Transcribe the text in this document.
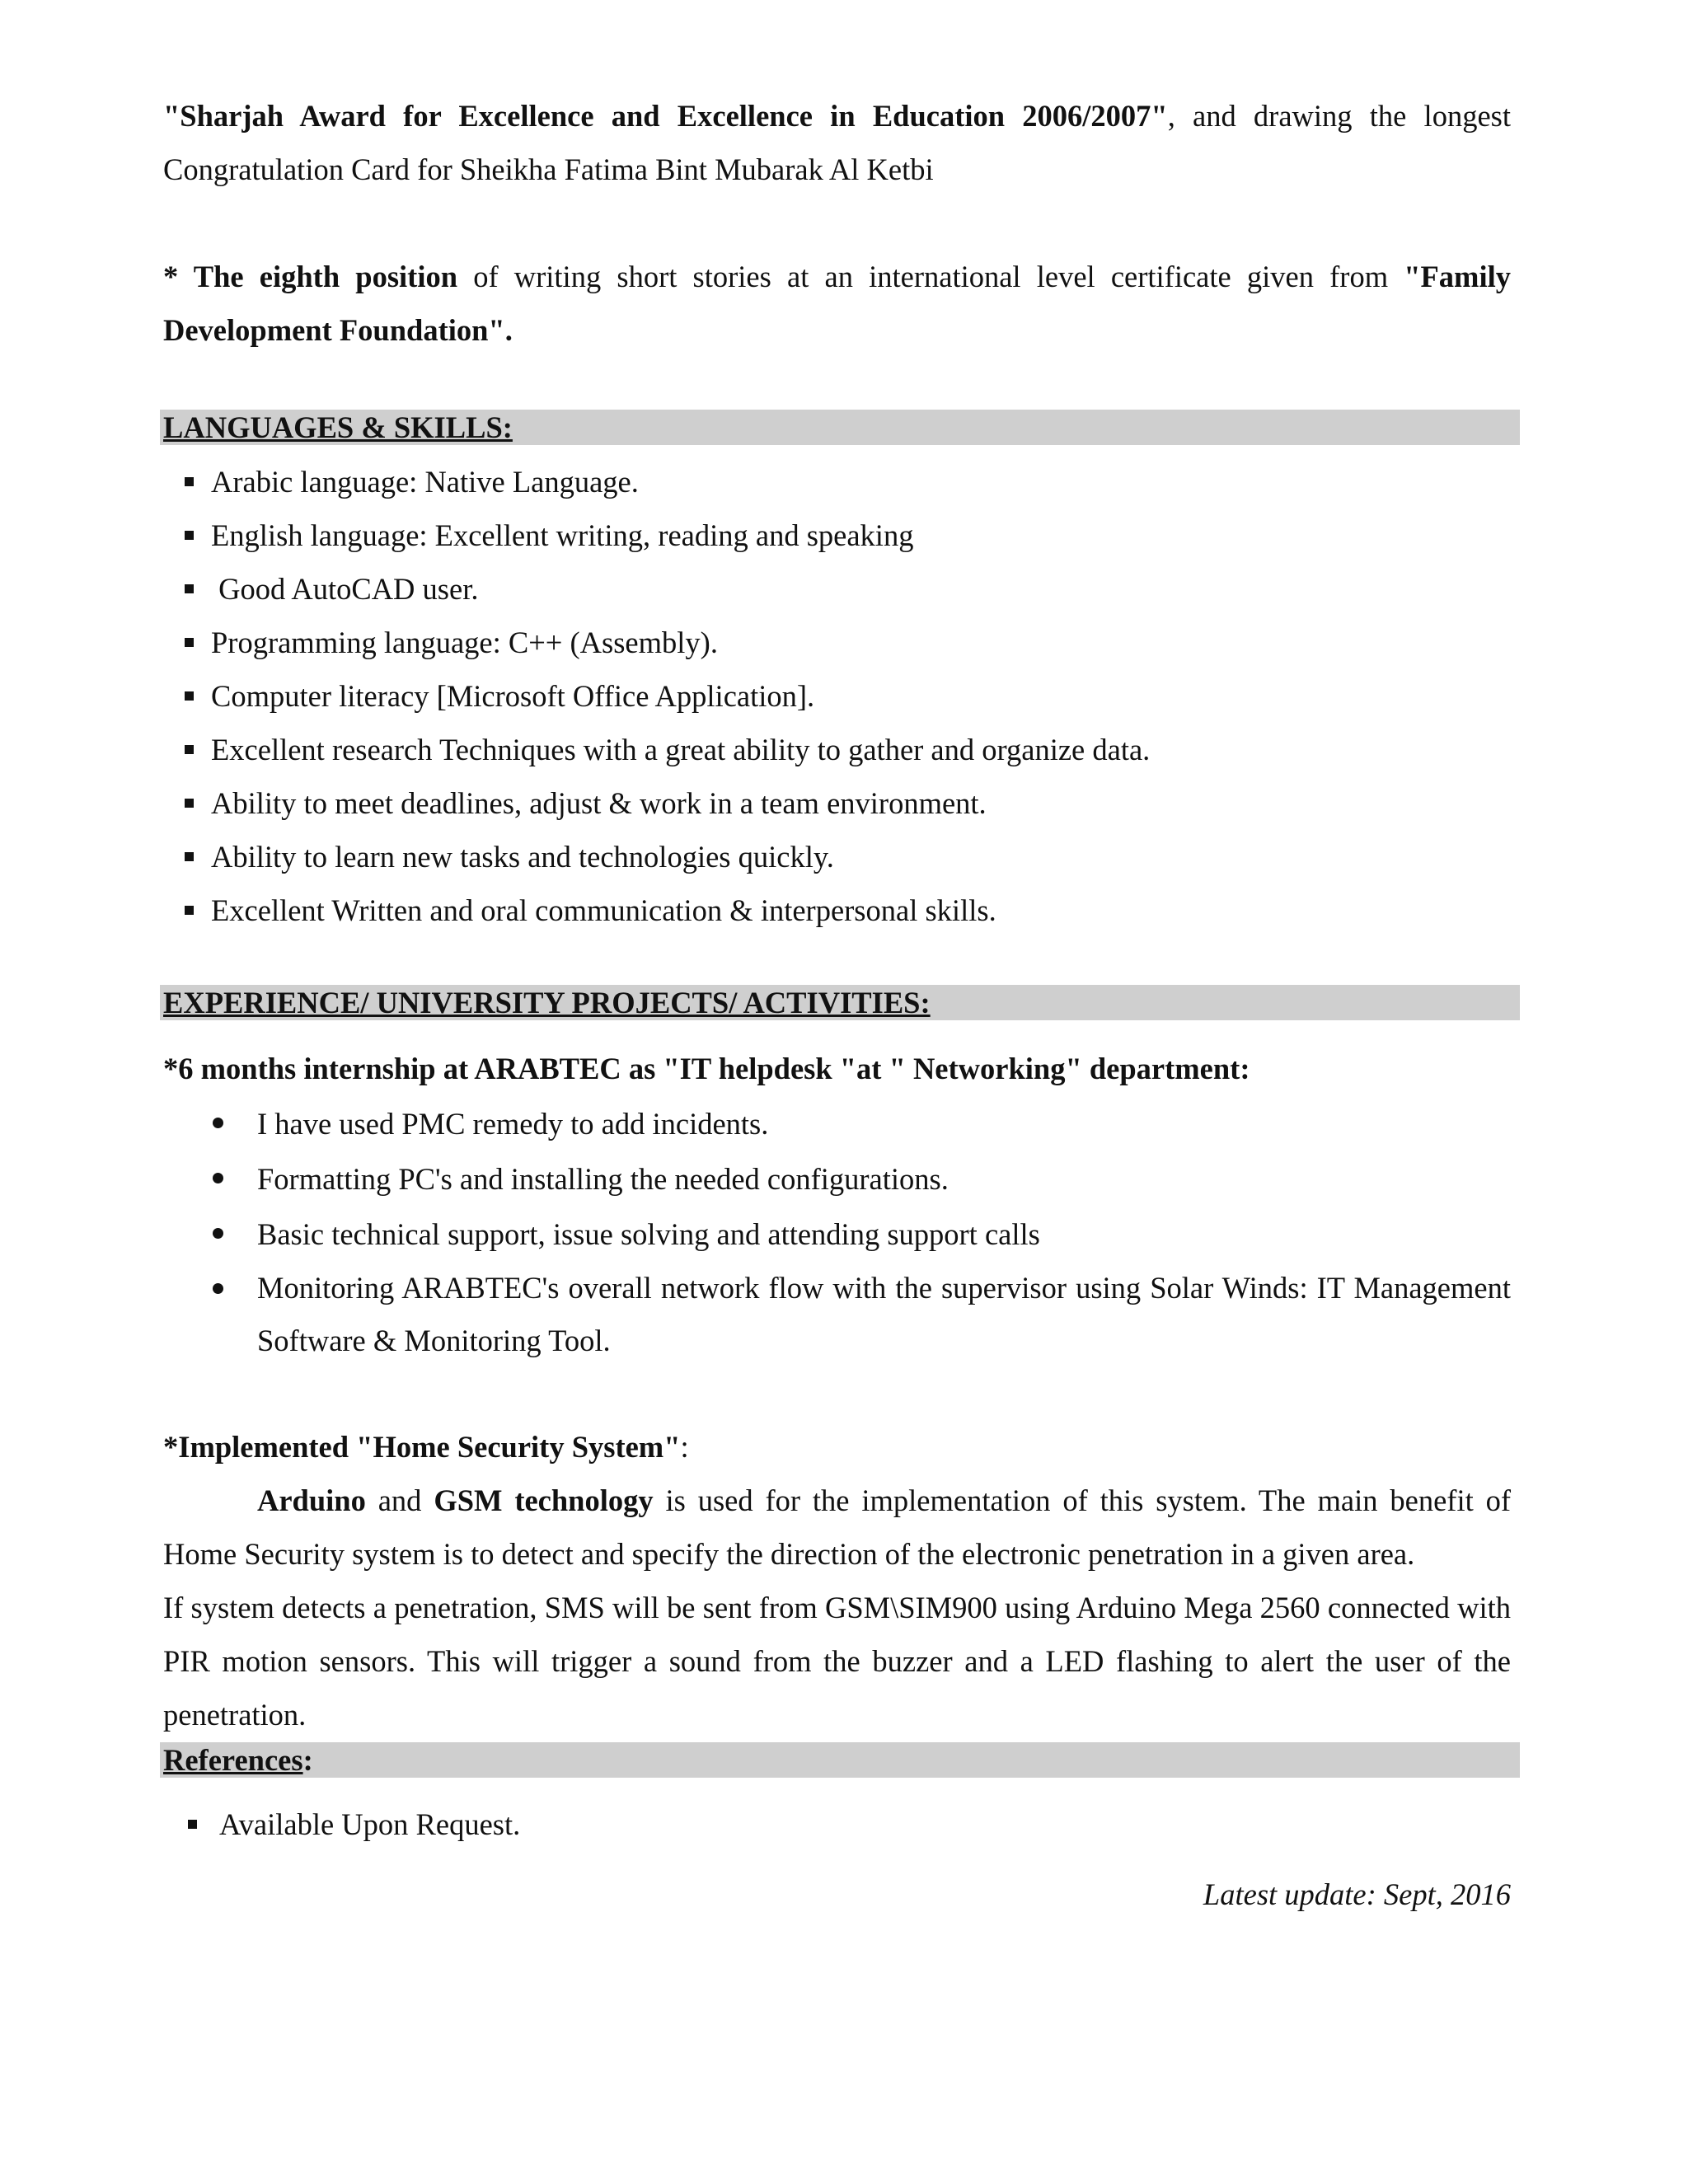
"Sharjah Award for Excellence and Excellence in Education 2006/2007", and drawing the longest Congratulation Card for Sheikha Fatima Bint Mubarak Al Ketbi

* The eighth position of writing short stories at an international level certificate given from "Family Development Foundation".

LANGUAGES & SKILLS:
Arabic language: Native Language.
English language: Excellent writing, reading and speaking
Good AutoCAD user.
Programming language: C++ (Assembly).
Computer literacy [Microsoft Office Application].
Excellent research Techniques with a great ability to gather and organize data.
Ability to meet deadlines, adjust & work in a team environment.
Ability to learn new tasks and technologies quickly.
Excellent Written and oral communication & interpersonal skills.
EXPERIENCE/ UNIVERSITY PROJECTS/ ACTIVITIES:

*6 months internship at ARABTEC as "IT helpdesk "at " Networking" department:

I have used PMC remedy to add incidents.
Formatting PC's and installing the needed configurations.
Basic technical support, issue solving and attending support calls
Monitoring ARABTEC's overall network flow with the supervisor using Solar Winds: IT Management Software & Monitoring Tool.

*Implemented "Home Security System":

Arduino and GSM technology is used for the implementation of this system. The main benefit of Home Security system is to detect and specify the direction of the electronic penetration in a given area.

If system detects a penetration, SMS will be sent from GSM\SIM900 using Arduino Mega 2560 connected with PIR motion sensors. This will trigger a sound from the buzzer and a LED flashing to alert the user of the penetration.

References:
Available Upon Request.

Latest update: Sept, 2016
